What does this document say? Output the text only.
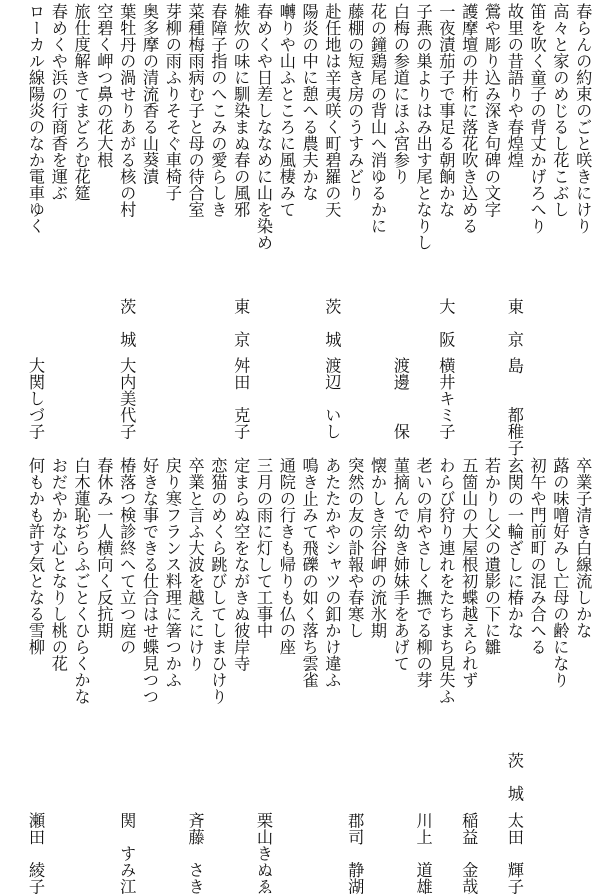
春らんの約束のごと咲きにけり
高々と家のめじるし花こぶし
笛を吹く童子の背丈かげろへり
故里の昔語りや春煌煌
東　京
島　　都稚子
鶯や彫り込み深き句碑の文字
護摩壇の井桁に落花吹き込める
一夜漬茄子で事足る朝餉かな
大　阪
横井キミ子
子燕の巣よりはみ出す尾となりし
白梅の参道にほふ宮参り
渡邊　　保
花の鐘鶏尾の背山へ消ゆるかに
藤棚の短き房のうすみどり
赴任地は辛夷咲く町碧羅の天
茨　城
渡辺　いし
陽炎の中に憩へる農夫かな
囀りや山ふところに風棲みて
春めくや日差しななめに山を染め
雑炊の味に馴染まぬ春の風邪
東　京
舛田　克子
春障子指のへこみの愛らしき
菜種梅雨病む子と母の待合室
芽柳の雨ふりそそぐ車椅子
奥多摩の清流香る山葵漬
葉牡丹の渦せりあがる核の村
茨　城
大内美代子
空碧く岬つ鼻の花大根
旅仕度解きてまどろむ花筵
春めくや浜の行商香を運ぶ
ローカル線陽炎のなか電車ゆく
大関しづ子
卒業子清き白線流しかな
蕗の味噌好みし亡母の齢になり
初午や門前町の混み合へる
玄関の一輪ざしに椿かな
茨　城
太田　輝子
若かりし父の遺影の下に雛
五箇山の大屋根初蝶越えられず
稲益　金哉
わらび狩り連れをたちまち見失ふ
老いの肩やさしく撫でる柳の芽
川上　道雄
菫摘んで幼き姉妹手をあげて
懐かしき宗谷岬の流氷期
突然の友の訃報や春寒し
郡司　静湖
あたたかやシャツの釦かけ違ふ
鳴き止みて飛礫の如く落ち雲雀
通院の行きも帰りも仏の座
三月の雨に灯して工事中
栗山きぬゑ
定まらぬ空をながきぬ彼岸寺
恋猫のめくら跳びしてしまひけり
卒業と言ふ大波を越えにけり
斉藤　さき
戻り寒フランス料理に箸つかふ
好きな事できる仕合はせ蝶見つつ
椿落つ検診終へて立つ庭の
関　すみ江
春休み一人横向く反抗期
白木蓮恥ぢらふごとくひらくかな
おだやかな心となりし桃の花
何もかも許す気となる雪柳
瀬田　綾子
